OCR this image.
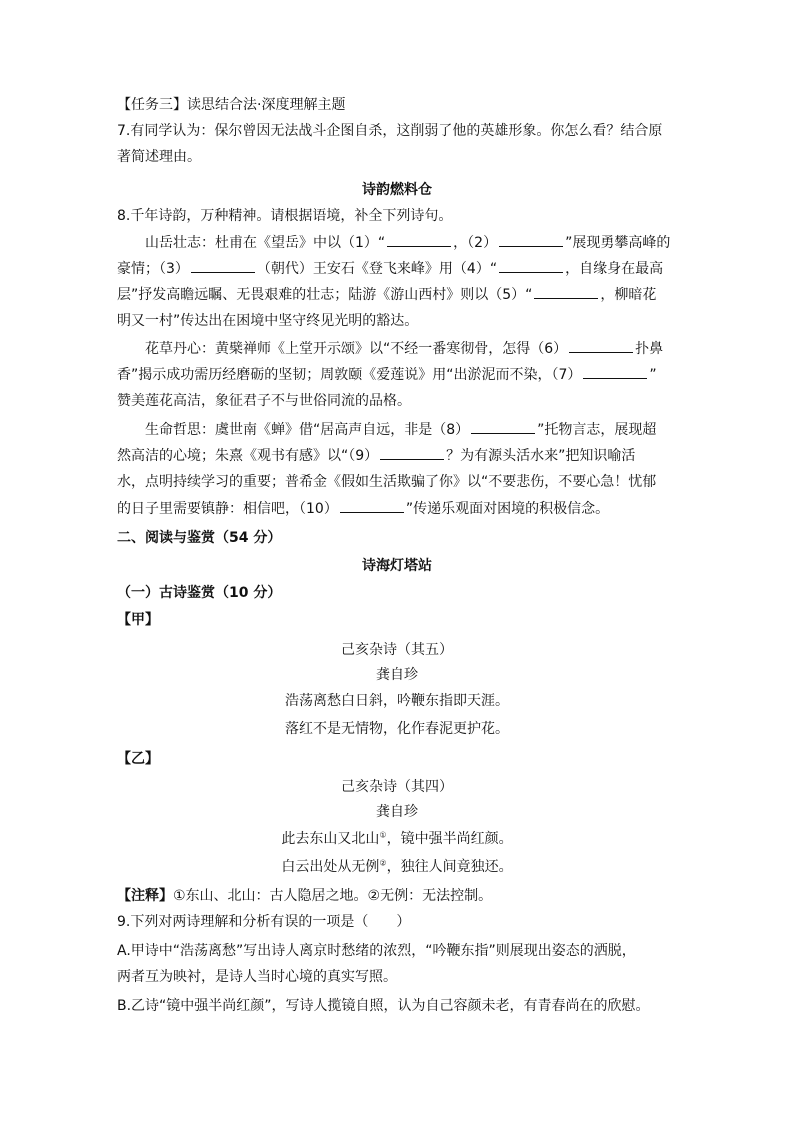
【任务三】读思结合法·深度理解主题
7.有同学认为：保尔曾因无法战斗企图自杀，这削弱了他的英雄形象。你怎么看？结合原
著简述理由。
诗韵燃料仓
8.千年诗韵，万种精神。请根据语境，补全下列诗句。
山岳壮志：杜甫在《望岳》中以（1）“	，（2）	”展现勇攀高峰的
豪情；（3）	（朝代）王安石《登飞来峰》用（4）“	，自缘身在最高
层”抒发高瞻远瞩、无畏艰难的壮志；陆游《游山西村》则以（5）“	，柳暗花
明又一村”传达出在困境中坚守终见光明的豁达。
花草丹心：黄檗禅师《上堂开示颂》以“不经一番寒彻骨，怎得（6）	扑鼻
香”揭示成功需历经磨砺的坚韧；周敦颐《爱莲说》用“出淤泥而不染，（7）	”
赞美莲花高洁，象征君子不与世俗同流的品格。
生命哲思：虞世南《蝉》借“居高声自远，非是（8）	”托物言志，展现超
然高洁的心境；朱熹《观书有感》以“（9）	？为有源头活水来”把知识喻活
水，点明持续学习的重要；普希金《假如生活欺骗了你》以“不要悲伤，不要心急！忧郁
的日子里需要镇静：相信吧，（10）	”传递乐观面对困境的积极信念。
二、阅读与鉴赏（54 分）
诗海灯塔站
（一）古诗鉴赏（10 分）
【甲】
己亥杂诗（其五）
龚自珍
浩荡离愁白日斜，吟鞭东指即天涯。
落红不是无情物，化作春泥更护花。
【乙】
己亥杂诗（其四）
龚自珍
此去东山又北山①，镜中强半尚红颜。
白云出处从无例②，独往人间竟独还。
【注释】①东山、北山：古人隐居之地。②无例：无法控制。
9.下列对两诗理解和分析有误的一项是（　　）
A.甲诗中“浩荡离愁”写出诗人离京时愁绪的浓烈，“吟鞭东指”则展现出姿态的洒脱，
两者互为映衬，是诗人当时心境的真实写照。
B.乙诗“镜中强半尚红颜”，写诗人揽镜自照，认为自己容颜未老，有青春尚在的欣慰。
